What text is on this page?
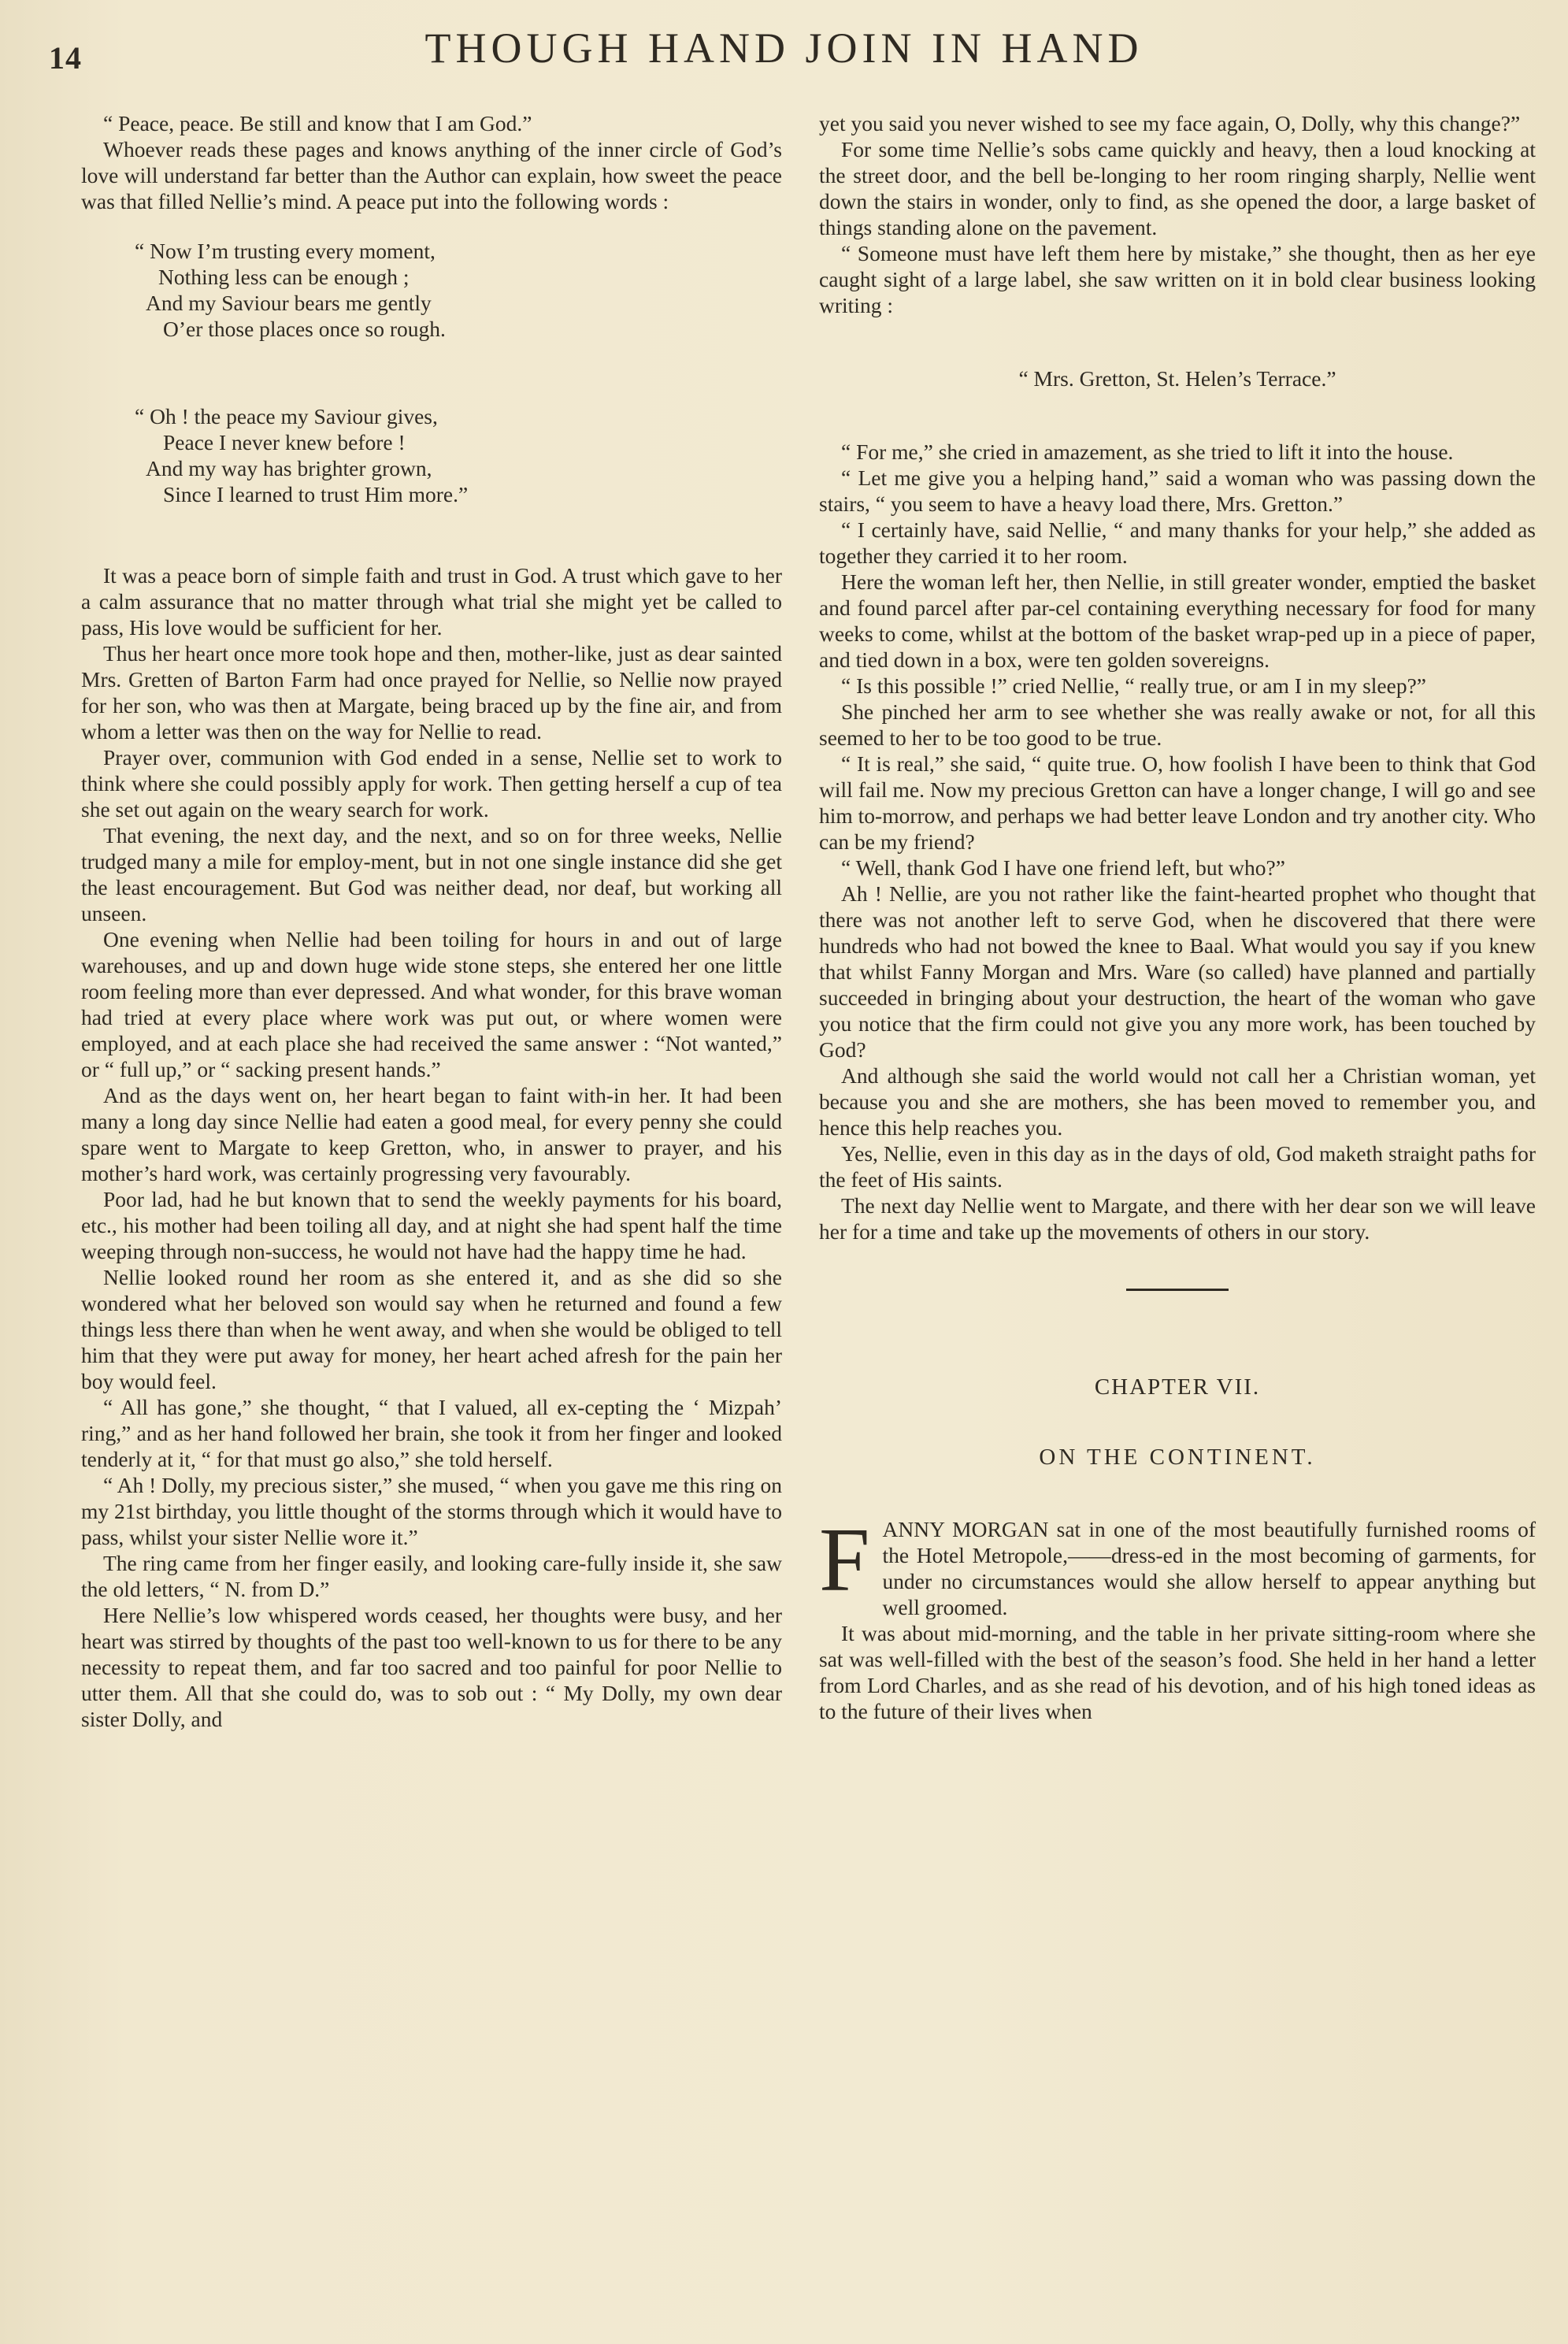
14	THOUGH HAND JOIN IN HAND

“ Peace, peace. Be still and know that I am God.”

Whoever reads these pages and knows anything of the inner circle of God’s love will understand far better than the Author can explain, how sweet the peace was that filled Nellie’s mind. A peace put into the following words :

“ Now I’m trusting every moment,
Nothing less can be enough ;
And my Saviour bears me gently
O’er those places once so rough.
“ Oh ! the peace my Saviour gives,
Peace I never knew before !
And my way has brighter grown,
Since I learned to trust Him more.”

It was a peace born of simple faith and trust in God. A trust which gave to her a calm assurance that no matter through what trial she might yet be called to pass, His love would be sufficient for her.

Thus her heart once more took hope and then, mother-like, just as dear sainted Mrs. Gretten of Barton Farm had once prayed for Nellie, so Nellie now prayed for her son, who was then at Margate, being braced up by the fine air, and from whom a letter was then on the way for Nellie to read.

Prayer over, communion with God ended in a sense, Nellie set to work to think where she could possibly apply for work. Then getting herself a cup of tea she set out again on the weary search for work.

That evening, the next day, and the next, and so on for three weeks, Nellie trudged many a mile for employ-ment, but in not one single instance did she get the least encouragement. But God was neither dead, nor deaf, but working all unseen.

One evening when Nellie had been toiling for hours in and out of large warehouses, and up and down huge wide stone steps, she entered her one little room feeling more than ever depressed. And what wonder, for this brave woman had tried at every place where work was put out, or where women were employed, and at each place she had received the same answer : “Not wanted,” or “ full up,” or “ sacking present hands.”

And as the days went on, her heart began to faint with-in her. It had been many a long day since Nellie had eaten a good meal, for every penny she could spare went to Margate to keep Gretton, who, in answer to prayer, and his mother’s hard work, was certainly progressing very favourably.

Poor lad, had he but known that to send the weekly payments for his board, etc., his mother had been toiling all day, and at night she had spent half the time weeping through non-success, he would not have had the happy time he had.

Nellie looked round her room as she entered it, and as she did so she wondered what her beloved son would say when he returned and found a few things less there than when he went away, and when she would be obliged to tell him that they were put away for money, her heart ached afresh for the pain her boy would feel.

“ All has gone,” she thought, “ that I valued, all ex-cepting the ‘ Mizpah’ ring,” and as her hand followed her brain, she took it from her finger and looked tenderly at it, “ for that must go also,” she told herself.

“ Ah ! Dolly, my precious sister,” she mused, “ when you gave me this ring on my 21st birthday, you little thought of the storms through which it would have to pass, whilst your sister Nellie wore it.”

The ring came from her finger easily, and looking care-fully inside it, she saw the old letters, “ N. from D.”

Here Nellie’s low whispered words ceased, her thoughts were busy, and her heart was stirred by thoughts of the past too well-known to us for there to be any necessity to repeat them, and far too sacred and too painful for poor Nellie to utter them. All that she could do, was to sob out : “ My Dolly, my own dear sister Dolly, and

yet you said you never wished to see my face again, O, Dolly, why this change?”

For some time Nellie’s sobs came quickly and heavy, then a loud knocking at the street door, and the bell be-longing to her room ringing sharply, Nellie went down the stairs in wonder, only to find, as she opened the door, a large basket of things standing alone on the pavement.

“ Someone must have left them here by mistake,” she thought, then as her eye caught sight of a large label, she saw written on it in bold clear business looking writing :

“ Mrs. Gretton, St. Helen’s Terrace.”

“ For me,” she cried in amazement, as she tried to lift it into the house.

“ Let me give you a helping hand,” said a woman who was passing down the stairs, “ you seem to have a heavy load there, Mrs. Gretton.”

“ I certainly have, said Nellie, “ and many thanks for your help,” she added as together they carried it to her room.

Here the woman left her, then Nellie, in still greater wonder, emptied the basket and found parcel after par-cel containing everything necessary for food for many weeks to come, whilst at the bottom of the basket wrap-ped up in a piece of paper, and tied down in a box, were ten golden sovereigns.

“ Is this possible !” cried Nellie, “ really true, or am I in my sleep?”

She pinched her arm to see whether she was really awake or not, for all this seemed to her to be too good to be true.

“ It is real,” she said, “ quite true. O, how foolish I have been to think that God will fail me. Now my precious Gretton can have a longer change, I will go and see him to-morrow, and perhaps we had better leave London and try another city. Who can be my friend?

“ Well, thank God I have one friend left, but who?”

Ah ! Nellie, are you not rather like the faint-hearted prophet who thought that there was not another left to serve God, when he discovered that there were hundreds who had not bowed the knee to Baal. What would you say if you knew that whilst Fanny Morgan and Mrs. Ware (so called) have planned and partially succeeded in bringing about your destruction, the heart of the woman who gave you notice that the firm could not give you any more work, has been touched by God?

And although she said the world would not call her a Christian woman, yet because you and she are mothers, she has been moved to remember you, and hence this help reaches you.

Yes, Nellie, even in this day as in the days of old, God maketh straight paths for the feet of His saints.

The next day Nellie went to Margate, and there with her dear son we will leave her for a time and take up the movements of others in our story.

CHAPTER VII.
ON THE CONTINENT.

FANNY MORGAN sat in one of the most beautifully furnished rooms of the Hotel Metropole,——dress-ed in the most becoming of garments, for under no circumstances would she allow herself to appear anything but well groomed.

It was about mid-morning, and the table in her private sitting-room where she sat was well-filled with the best of the season’s food. She held in her hand a letter from Lord Charles, and as she read of his devotion, and of his high toned ideas as to the future of their lives when
